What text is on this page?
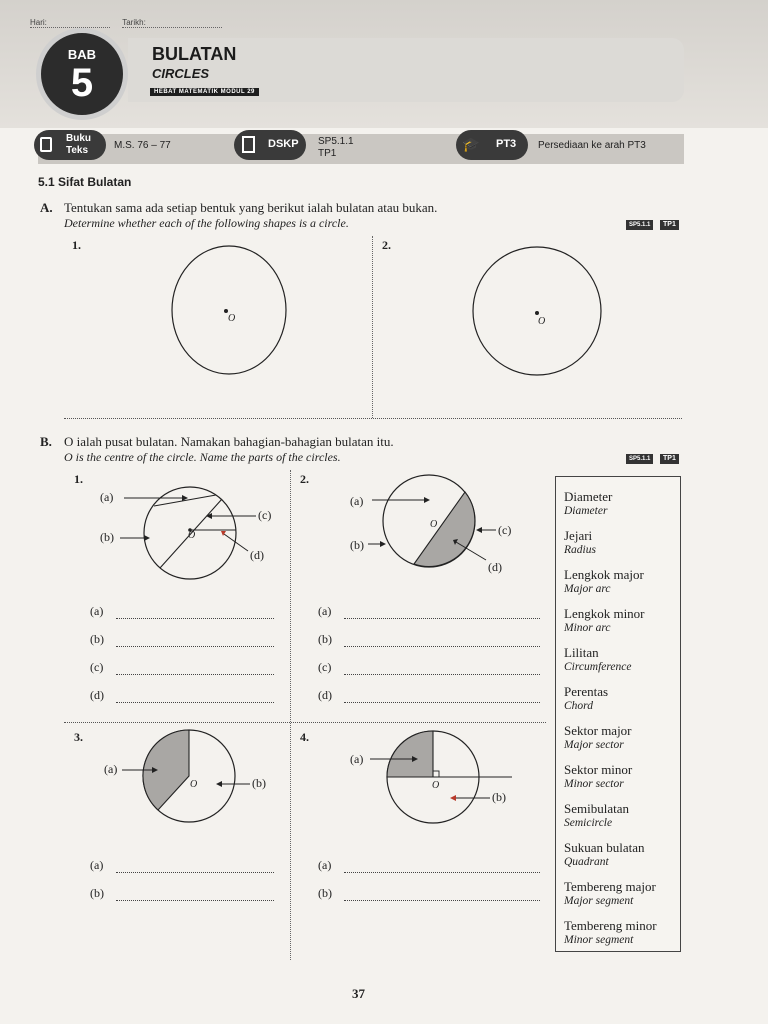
Hari:	Tarikh:
BAB
5
BULATAN
CIRCLES
HEBAT MATEMATIK MODUL 29
Buku
Teks	M.S. 76 – 77	DSKP SP5.1.1
TP1
🎓 PT3 Persediaan ke arah PT3
5.1 Sifat Bulatan
A. Tentukan sama ada setiap bentuk yang berikut ialah bulatan atau bukan.
Determine whether each of the following shapes is a circle.	SP5.1.1	TP1
1.	2.
O	O
B. O ialah pusat bulatan. Namakan bahagian-bahagian bulatan itu.
O is the centre of the circle. Name the parts of the circles.	SP5.1.1	TP1
1.
(a)
(b)
(c)
(d)
O
2.
(a)
(b)
(c)
(d)
O
(a)
(b)
(c)
(d)
(a)
(b)
(c)
(d)
3.
(a)
(b)
O
(a)
(b)
4.
(a)
(b)
O
(a)
(b)
Diameter
Diameter
Jejari
Radius
Lengkok major
Major arc
Lengkok minor
Minor arc
Lilitan
Circumference
Perentas
Chord
Sektor major
Major sector
Sektor minor
Minor sector
Semibulatan
Semicircle
Sukuan bulatan
Quadrant
Tembereng major
Major segment
Tembereng minor
Minor segment
37
